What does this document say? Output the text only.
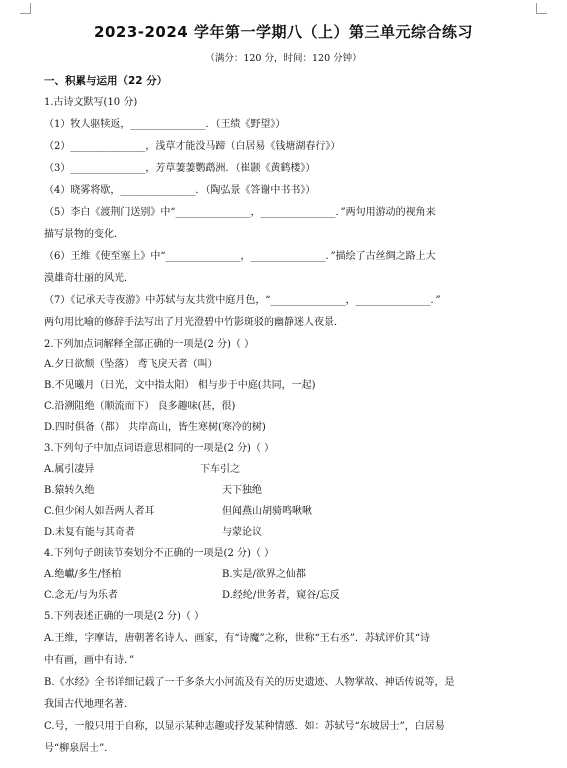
2023-2024 学年第一学期八（上）第三单元综合练习
（满分：120 分，时间：120 分钟）
一、积累与运用（22 分）
1.古诗文默写(10 分)
（1）牧人驱犊返，_______________．（王绩《野望》）
（2）_______________，浅草才能没马蹄（白居易《钱塘湖春行》）
（3）_______________，芳草萋萋鹦鹉洲．（崔颢《黄鹤楼》）
（4）晓雾将歇，_______________．（陶弘景《答谢中书书》）
（5）李白《渡荆门送别》中“_______________，_______________．”两句用游动的视角来
描写景物的变化．
（6）王维《使至塞上》中“_______________，_______________．”描绘了古丝绸之路上大
漠雄奇壮丽的风光．
（7）《记承天寺夜游》中苏轼与友共赏中庭月色，“_______________，_______________．”
两句用比喻的修辞手法写出了月光澄碧中竹影斑驳的幽静迷人夜景．
2.下列加点词解释全部正确的一项是(2 分)（ ）
A.夕日欲颓（坠落） 鸢飞戾天者（叫）
B.不见曦月（日光，文中指太阳） 相与步于中庭(共同，一起)
C.沿溯阻绝（顺流而下） 良多趣味(甚，很)
D.四时俱备（都） 共岸高山，皆生寒树(寒冷的树)
3.下列句子中加点词语意思相同的一项是(2 分)（ ）
A.属引凄异	下车引之
B.猿转久绝	天下独绝
C.但少闲人如吾两人者耳	但闻燕山胡骑鸣啾啾
D.未复有能与其奇者	与蒙论议
4.下列句子朗读节奏划分不正确的一项是(2 分)（ ）
A.绝巘/多生/怪柏	B.实是/欲界之仙都
C.念无/与为乐者	D.经纶/世务者，窥谷/忘反
5.下列表述正确的一项是(2 分)（ ）
A.王维，字摩诘，唐朝著名诗人、画家，有“诗魔”之称，世称“王右丞”．苏轼评价其“诗
中有画，画中有诗．”
B.《水经》全书详细记载了一千多条大小河流及有关的历史遗迹、人物掌故、神话传说等，是
我国古代地理名著．
C.号，一般只用于自称，以显示某种志趣或抒发某种情感．如：苏轼号“东坡居士”，白居易
号“柳泉居士”．
